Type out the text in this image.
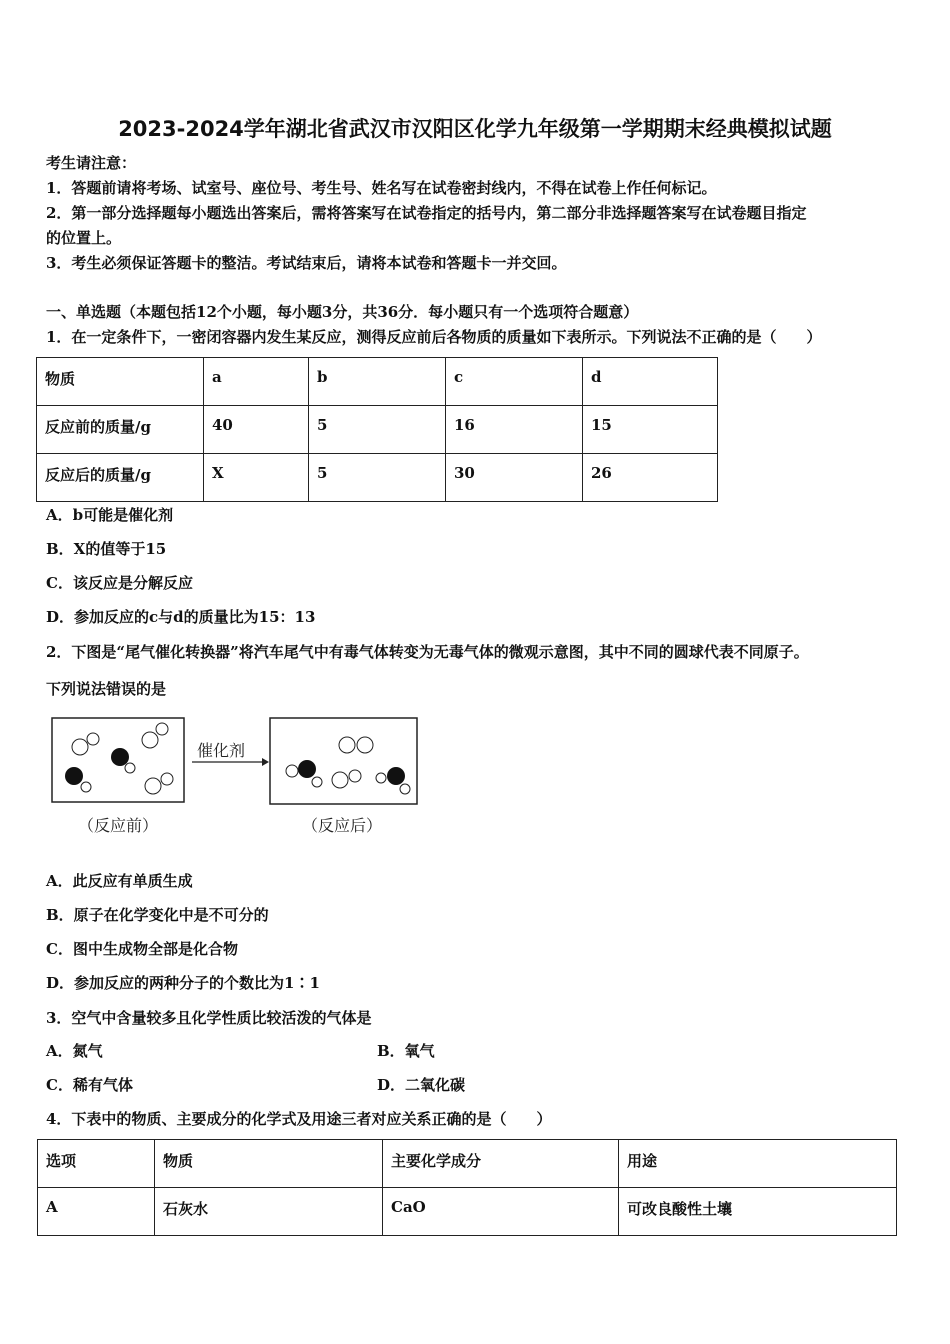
2023-2024学年湖北省武汉市汉阳区化学九年级第一学期期末经典模拟试题
考生请注意：
1．答题前请将考场、试室号、座位号、考生号、姓名写在试卷密封线内，不得在试卷上作任何标记。
2．第一部分选择题每小题选出答案后，需将答案写在试卷指定的括号内，第二部分非选择题答案写在试卷题目指定
的位置上。
3．考生必须保证答题卡的整洁。考试结束后，请将本试卷和答题卡一并交回。
一、单选题（本题包括12个小题，每小题3分，共36分．每小题只有一个选项符合题意）
1．在一定条件下，一密闭容器内发生某反应，测得反应前后各物质的质量如下表所示。下列说法不正确的是（　　）
物质	a	b	c	d
反应前的质量/g	40	5	16	15
反应后的质量/g	X	5	30	26
A．b可能是催化剂
B．X的值等于15
C．该反应是分解反应
D．参加反应的c与d的质量比为15：13
2．下图是“尾气催化转换器”将汽车尾气中有毒气体转变为无毒气体的微观示意图，其中不同的圆球代表不同原子。
下列说法错误的是
催化剂
（反应前）	（反应后）
A．此反应有单质生成
B．原子在化学变化中是不可分的
C．图中生成物全部是化合物
D．参加反应的两种分子的个数比为1∶1
3．空气中含量较多且化学性质比较活泼的气体是
A．氮气	B．氧气
C．稀有气体	D．二氧化碳
4．下表中的物质、主要成分的化学式及用途三者对应关系正确的是（　　）
选项	物质	主要化学成分	用途
A	石灰水	CaO	可改良酸性土壤
